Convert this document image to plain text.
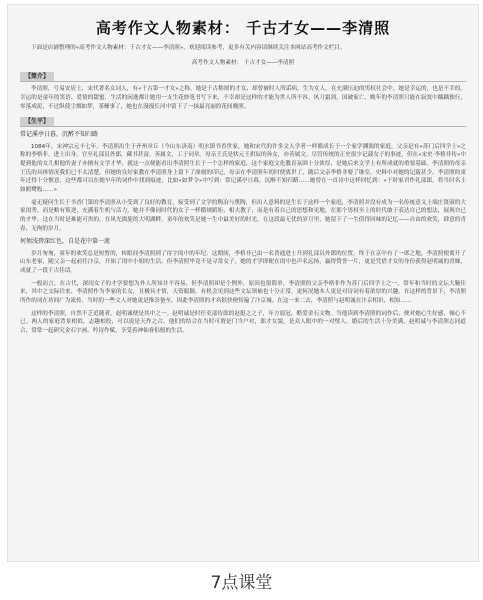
高考作文人物素材： 千古才女——李清照

下面是店铺整理的«高考作文人物素材：千古才女——李清照»，欢迎阅读参考，更多有关内容请继续关注本网站高考作文栏目。

高考作文人物素材： 千古才女——李清照

【简介】

李清照，号易安居士，宋代著名女词人，有«千古第一才女»之称。她是千古称颂的才女，却曾被时人所诟病，生为女人，在充满压迫的男权社会中，她是幸运的，也是不幸的。幸运的是童年的笑语、爱情的甜蜜，生活的闲逸都让她用一支生花妙笔书写下来，不幸却是这样的才能为世人所不容。风刀霜剑，国破家亡，晚年的李清照只能在寂寞中踽踽独行，零落成泥，不过纵使尘烟如梦，茶蘼事了，她也在漫漫长河中留下了一抹最亮丽的花间晚照。

【生平】
常记溪亭日暮，沉醉不知归路

1084年，宋神宗元丰七年，李清照出生于齐州章丘（今山东济南）明水镇书香世家，她和宋代的许多文人学者一样都成长于一个家学渊源的家庭。父亲是有«苏门后四学士»之称的李格非，进士出身，官至礼部员外郎，藏书甚富，善属文，工于词章。母亲王氏是状元王拱辰的孙女，亦善属文。尽管传统的正史很少记载女子的事迹，但在«宋史·李格非传»中提到他的女儿相他的妻子亦擅有文学才华，就这一点便能看出李清照生长于一个怎样的家庭，这个家庭文化教育氛围十分浓厚，是她后来文学上有所成就的重要基础。李清照的母亲王氏的具体情况我们已不太清楚，但她的良好家教在李清照身上留下了深刻的印记，母亲在李清照年幼时便离世了，随后父亲李格非娶了继室，史料中对她的记载甚少。李清照的童年过得十分惬意，这些都可以在她早年的词作中找到痕迹，比如«如梦令»中写到：常记溪亭日暮，沉醉不知归路……她曾在一首诗中这样回忆到：«于时家君作礼部郎，将当时名士如鸥鹭般……»

毫无疑问生长于书香门第的李清照从小受到了良好的教育，接受到了文学的陶冶与熏陶，但出人意料的是生长于这样一个家庭，李清照并没有成为一名传统意义上端庄贤淑的大家闺秀，而是略有叛逆，充满着生机与活力，她并不像同时代的女子一样循规蹈矩，相夫教子，而是有着自己的思想和见地，在那个男权至上的时代敢于表达自己的想法，展现自己的才华，这在当时是难能可贵的。在风光旖旎的大明湖畔，童年的欢笑是她一生中最美好的时光，在这段最无忧的岁月里，她留下了一生值得回味的记忆——自由的欢笑，肆意的青春，无拘的岁月。

何须浅碧深红色，自是花中第一流

岁月匆匆，童年的欢笑总是短暂的，转眼间李清照到了待字闺中的年纪。这期间，李格非已由一名普通进士升到礼部员外郎的位置，终于在京中有了一席之地，李清照便离开了山东老家，随父亲一起前往汴京，开始了闺中小姐的生活。但李清照毕竟不是寻常女子，她的才学即便在闺中也声名远扬，赢得赞誉一片，更是凭借才女的身份获得赵明诚的青睐，成就了一段千古佳话。

一般而言，在古代，深闺女子的才学要想为外人所知并不容易，但李清照却是个例外，原因也很简单，李清照的父亲李格非作为苏门后四学士之一，常年和当时的文坛大腕往来，其中之交际往来，李清照作为李家的长女，且极具才情，天资聪颖，有机会见到这些文坛领袖也十分正常，更何况她本人更是对诗词有着浓厚的兴趣。在这样的背景下，李清照所作的词在坊间广为流传，当时的一些文人对她更是推崇备至，因此李清照的才名很快便传遍了汴京城。在这一来二去，李清照与赵明诚在汴京相识，相知……

这样的李清照，自然不乏追随者，赵明诚便是其中之一。赵明诚是时任吏部侍郎的赵挺之之子，年方弱冠，酷爱金石文物。当他读到李清照的词作后，便对她心生好感，倾心不已。两人的家庭背景相似，志趣相投，可以说是天作之合。他们的结合在当时可谓是门当户对，郎才女貌，是众人眼中的一对璧人。婚后的生活十分美满，赵明诚与李清照志同道合，常常一起研究金石字画，吟诗作赋，享受着神仙眷侣般的生活。

7点课堂
